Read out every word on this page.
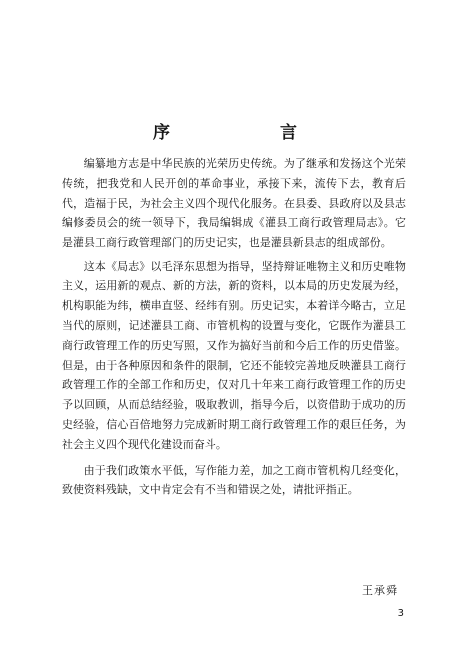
序 言

编纂地方志是中华民族的光荣历史传统。为了继承和发扬这个光荣传统，把我党和人民开创的革命事业，承接下来，流传下去，教育后代，造福于民，为社会主义四个现代化服务。在县委、县政府以及县志编修委员会的统一领导下，我局编辑成《灌县工商行政管理局志》。它是灌县工商行政管理部门的历史记实，也是灌县新县志的组成部份。

这本《局志》以毛泽东思想为指导，坚持辩证唯物主义和历史唯物主义，运用新的观点、新的方法，新的资料，以本局的历史发展为经，机构职能为纬，横串直竖、经纬有别。历史记实，本着详今略古，立足当代的原则，记述灌县工商、市管机构的设置与变化，它既作为灌县工商行政管理工作的历史写照，又作为搞好当前和今后工作的历史借鉴。但是，由于各种原因和条件的限制，它还不能较完善地反映灌县工商行政管理工作的全部工作和历史，仅对几十年来工商行政管理工作的历史予以回顾，从而总结经验，吸取教训，指导今后，以资借助于成功的历史经验，信心百倍地努力完成新时期工商行政管理工作的艰巨任务，为社会主义四个现代化建设而奋斗。

由于我们政策水平低，写作能力差，加之工商市管机构几经变化，致使资料残缺，文中肯定会有不当和错误之处，请批评指正。

王承舜
3
